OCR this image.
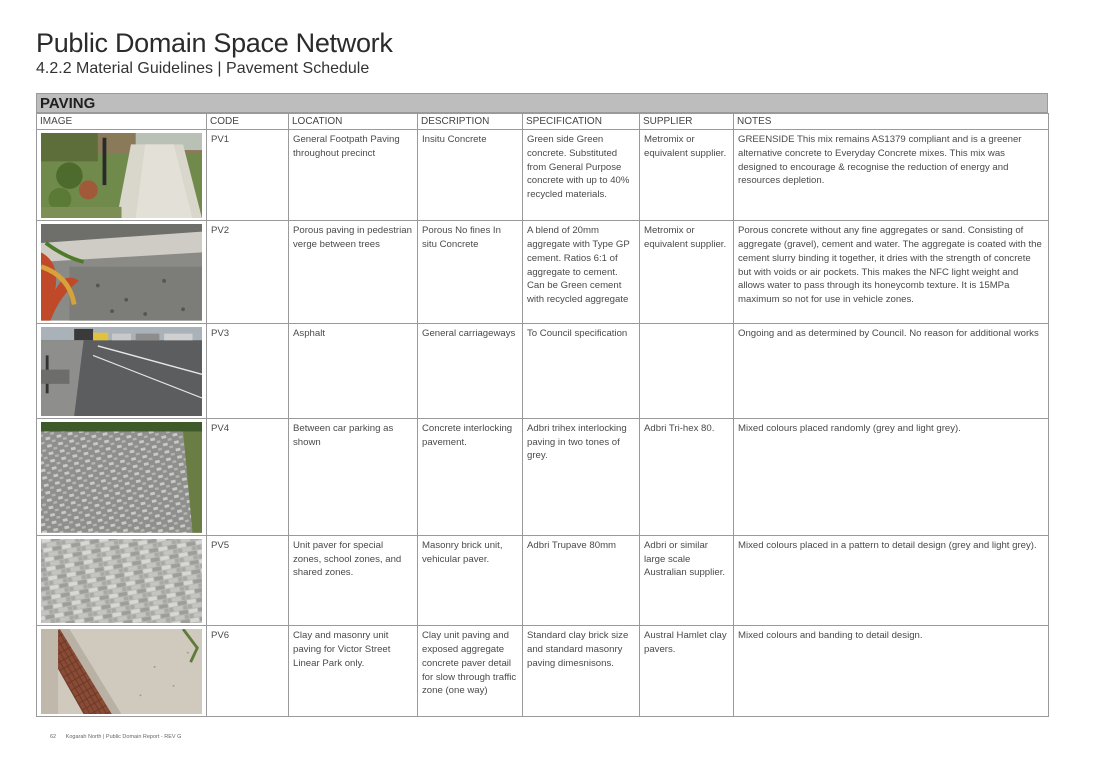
Public Domain Space Network
4.2.2 Material Guidelines | Pavement Schedule
PAVING
IMAGE	CODE	LOCATION	DESCRIPTION	SPECIFICATION	SUPPLIER	NOTES

	PV1	General Footpath Paving throughout precinct	Insitu Concrete	Green side Green concrete. Substituted from General Purpose concrete with up to 40% recycled materials.	Metromix or equivalent supplier.	GREENSIDE This mix remains AS1379 compliant and is a greener alternative concrete to Everyday Concrete mixes. This mix was designed to encourage & recognise the reduction of energy and resources depletion.

	PV2	Porous paving in pedestrian verge between trees	Porous No fines In situ Concrete	A blend of 20mm aggregate with Type GP cement. Ratios 6:1 of aggregate to cement. Can be Green cement with recycled aggregate	Metromix or equivalent supplier.	Porous concrete without any fine aggregates or sand. Consisting of aggregate (gravel), cement and water. The aggregate is coated with the cement slurry binding it together, it dries with the strength of concrete but with voids or air pockets. This makes the NFC light weight and allows water to pass through its honeycomb texture. It is 15MPa maximum so not for use in vehicle zones.

	PV3	Asphalt	General carriageways	To Council specification		Ongoing and as determined by Council. No reason for additional works

	PV4	Between car parking as shown	Concrete interlocking pavement.	Adbri trihex interlocking paving in two tones of grey.	Adbri Tri-hex 80.	Mixed colours placed randomly (grey and light grey).

	PV5	Unit paver for special zones, school zones, and shared zones.	Masonry brick unit, vehicular paver.	Adbri Trupave 80mm	Adbri or similar large scale Australian supplier.	Mixed colours placed in a pattern to detail design (grey and light grey).

	PV6	Clay and masonry unit paving for Victor Street Linear Park only.	Clay unit paving and exposed aggregate concrete paver detail for slow through traffic zone (one way)	Standard clay brick size and standard masonry paving dimesnisons.	Austral Hamlet clay pavers.	Mixed colours and banding to detail design.
62 Kogarah North | Public Domain Report - REV G
